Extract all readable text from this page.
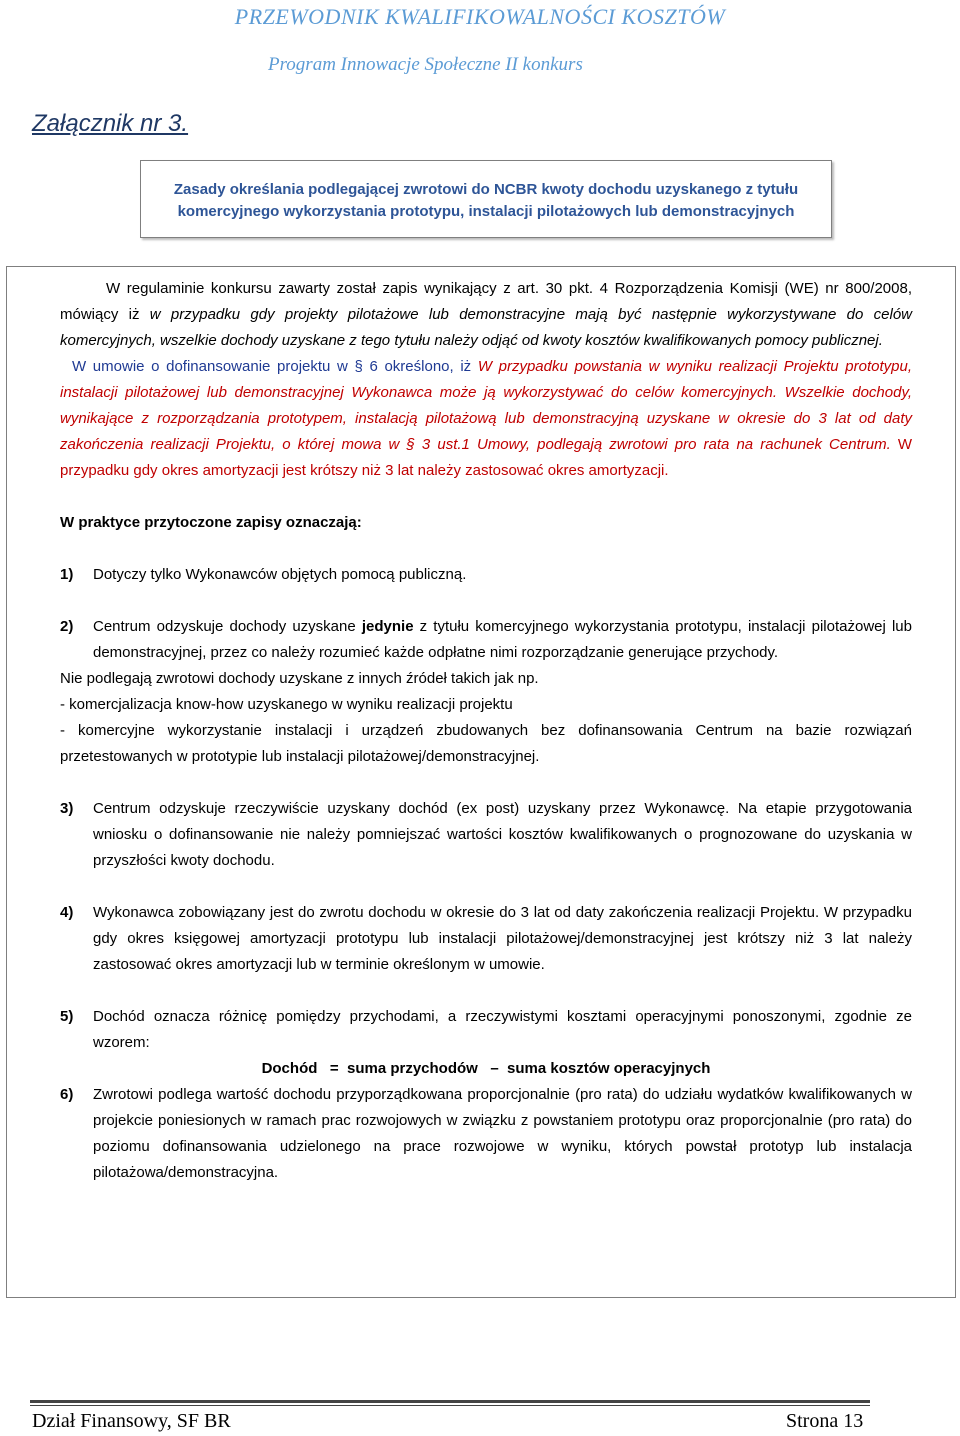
PRZEWODNIK KWALIFIKOWALNOŚCI KOSZTÓW
Program Innowacje Społeczne II konkurs
Załącznik nr 3.
Zasady określania podlegającej zwrotowi do NCBR kwoty dochodu uzyskanego z tytułu
komercyjnego wykorzystania prototypu, instalacji pilotażowych lub demonstracyjnych

W regulaminie konkursu zawarty został zapis wynikający z art. 30 pkt. 4 Rozporządzenia Komisji (WE) nr 800/2008, mówiący iż w przypadku gdy projekty pilotażowe lub demonstracyjne mają być następnie wykorzystywane do celów komercyjnych, wszelkie dochody uzyskane z tego tytułu należy odjąć od kwoty kosztów kwalifikowanych pomocy publicznej.

W umowie o dofinansowanie projektu w § 6 określono, iż W przypadku powstania w wyniku realizacji Projektu prototypu, instalacji pilotażowej lub demonstracyjnej Wykonawca może ją wykorzystywać do celów komercyjnych. Wszelkie dochody, wynikające z rozporządzania prototypem, instalacją pilotażową lub demonstracyjną uzyskane w okresie do 3 lat od daty zakończenia realizacji Projektu, o której mowa w § 3 ust.1 Umowy, podlegają zwrotowi pro rata na rachunek Centrum. W przypadku gdy okres amortyzacji jest krótszy niż 3 lat należy zastosować okres amortyzacji.

W praktyce przytoczone zapisy oznaczają:

1)	Dotyczy tylko Wykonawców objętych pomocą publiczną.
2)	Centrum odzyskuje dochody uzyskane jedynie z tytułu komercyjnego wykorzystania prototypu, instalacji pilotażowej lub demonstracyjnej, przez co należy rozumieć każde odpłatne nimi rozporządzanie generujące przychody.

Nie podlegają zwrotowi dochody uzyskane z innych źródeł takich jak np.

- komercjalizacja know-how uzyskanego w wyniku realizacji projektu

- komercyjne wykorzystanie instalacji i urządzeń zbudowanych bez dofinansowania Centrum na bazie rozwiązań przetestowanych w prototypie lub instalacji pilotażowej/demonstracyjnej.

3)	Centrum odzyskuje rzeczywiście uzyskany dochód (ex post) uzyskany przez Wykonawcę. Na etapie przygotowania wniosku o dofinansowanie nie należy pomniejszać wartości kosztów kwalifikowanych o prognozowane do uzyskania w przyszłości kwoty dochodu.
4)	Wykonawca zobowiązany jest do zwrotu dochodu w okresie do 3 lat od daty zakończenia realizacji Projektu. W przypadku gdy okres księgowej amortyzacji prototypu lub instalacji pilotażowej/demonstracyjnej jest krótszy niż 3 lat należy zastosować okres amortyzacji lub w terminie określonym w umowie.
5)	Dochód oznacza różnicę pomiędzy przychodami, a rzeczywistymi kosztami operacyjnymi ponoszonymi, zgodnie ze wzorem:

Dochód   =  suma przychodów   –  suma kosztów operacyjnych

6)	Zwrotowi podlega wartość dochodu przyporządkowana proporcjonalnie (pro rata) do udziału wydatków kwalifikowanych w projekcie poniesionych w ramach prac rozwojowych w związku z powstaniem prototypu oraz proporcjonalnie (pro rata) do poziomu dofinansowania udzielonego na prace rozwojowe w wyniku, których powstał prototyp lub instalacja pilotażowa/demonstracyjna.
Dział Finansowy, SF BR	Strona 13
